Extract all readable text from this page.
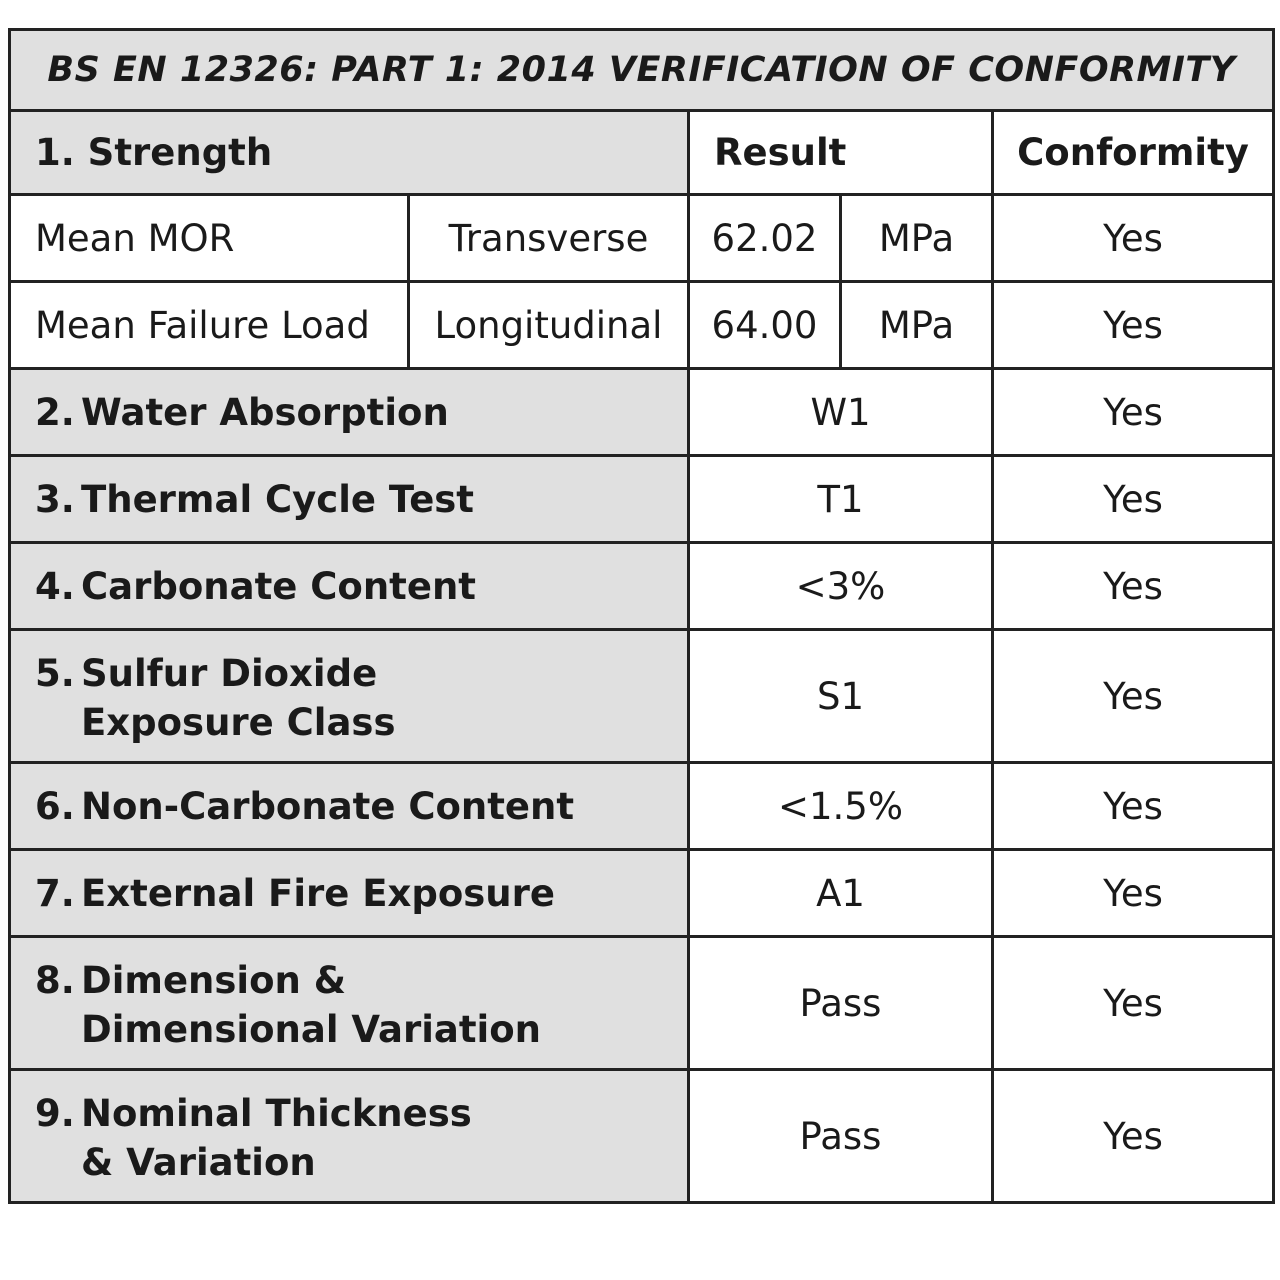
BS EN 12326: PART 1: 2014 VERIFICATION OF CONFORMITY				
1. Strength		Result		Conformity
Mean MOR	Transverse	62.02	MPa	Yes
Mean Failure Load	Longitudinal	64.00	MPa	Yes
2. Water Absorption		W1		Yes
3. Thermal Cycle Test		T1		Yes
4. Carbonate Content		<3%		Yes
5. Sulfur Dioxide
Exposure Class		S1		Yes
6. Non-Carbonate Content		<1.5%		Yes
7. External Fire Exposure		A1		Yes
8. Dimension &
Dimensional Variation		Pass		Yes
9. Nominal Thickness
& Variation		Pass		Yes
